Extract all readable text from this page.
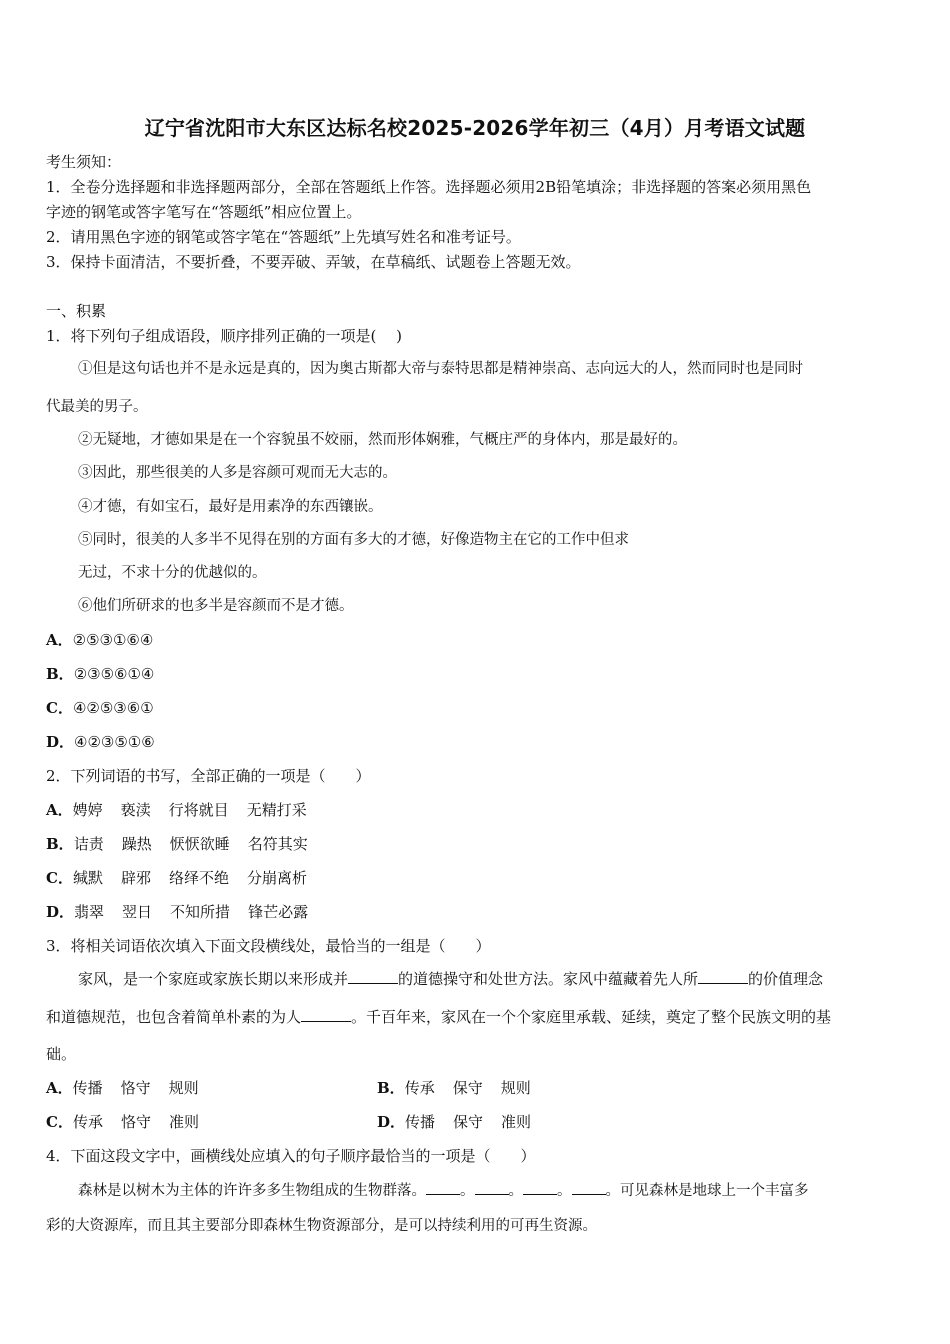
辽宁省沈阳市大东区达标名校2025-2026学年初三（4月）月考语文试题
考生须知：
1．全卷分选择题和非选择题两部分，全部在答题纸上作答。选择题必须用2B铅笔填涂；非选择题的答案必须用黑色
字迹的钢笔或答字笔写在“答题纸”相应位置上。
2．请用黑色字迹的钢笔或答字笔在“答题纸”上先填写姓名和准考证号。
3．保持卡面清洁，不要折叠，不要弄破、弄皱，在草稿纸、试题卷上答题无效。
一、积累
1．将下列句子组成语段，顺序排列正确的一项是(　 )
①但是这句话也并不是永远是真的，因为奥古斯都大帝与泰特思都是精神崇高、志向远大的人，然而同时也是同时
代最美的男子。
②无疑地，才德如果是在一个容貌虽不姣丽，然而形体娴雅，气概庄严的身体内，那是最好的。
③因此，那些很美的人多是容颜可观而无大志的。
④才德，有如宝石，最好是用素净的东西镶嵌。
⑤同时，很美的人多半不见得在别的方面有多大的才德，好像造物主在它的工作中但求
无过，不求十分的优越似的。
⑥他们所研求的也多半是容颜而不是才德。
A．②⑤③①⑥④
B．②③⑤⑥①④
C．④②⑤③⑥①
D．④②③⑤①⑥
2．下列词语的书写，全部正确的一项是（　　）
A．娉婷 亵渎 行将就目 无精打采
B．诘责 躁热 恹恹欲睡 名符其实
C．缄默 辟邪 络绎不绝 分崩离析
D．翡翠 翌日 不知所措 锋芒必露
3．将相关词语依次填入下面文段横线处，最恰当的一组是（　　）
家风，是一个家庭或家族长期以来形成并	的道德操守和处世方法。家风中蕴藏着先人所	的价值理念
和道德规范，也包含着简单朴素的为人	。千百年来，家风在一个个家庭里承载、延续，奠定了整个民族文明的基
础。
A．传播 恪守 规则	B．传承 保守 规则
C．传承 恪守 准则	D．传播 保守 准则
4．下面这段文字中，画横线处应填入的句子顺序最恰当的一项是（　　）
森林是以树木为主体的许许多多生物组成的生物群落。 。 。 。 。可见森林是地球上一个丰富多
彩的大资源库，而且其主要部分即森林生物资源部分，是可以持续利用的可再生资源。
